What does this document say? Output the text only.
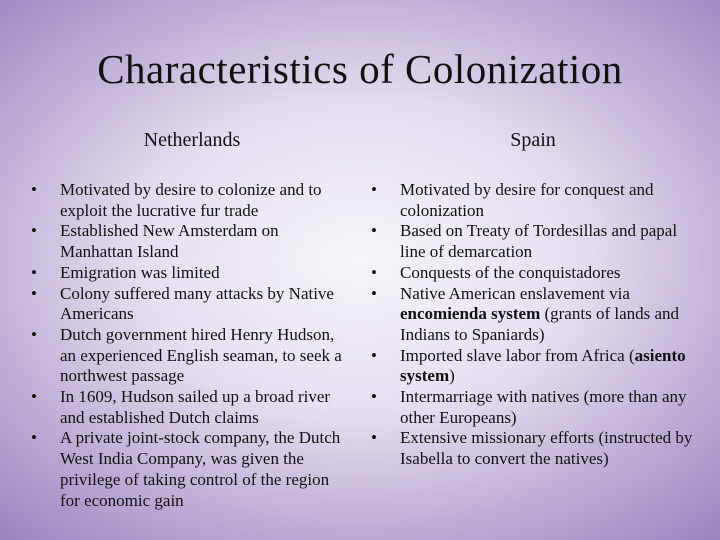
Characteristics of Colonization
Netherlands	Spain
• Motivated by desire to colonize and to exploit the lucrative fur trade
• Established New Amsterdam on Manhattan Island
• Emigration was limited
• Colony suffered many attacks by Native Americans
• Dutch government hired Henry Hudson, an experienced English seaman, to seek a northwest passage
• In 1609, Hudson sailed up a broad river and established Dutch claims
• A private joint-stock company, the Dutch West India Company, was given the privilege of taking control of the region for economic gain
• Motivated by desire for conquest and colonization
• Based on Treaty of Tordesillas and papal line of demarcation
• Conquests of the conquistadores
• Native American enslavement via encomienda system (grants of lands and Indians to Spaniards)
• Imported slave labor from Africa (asiento system)
• Intermarriage with natives (more than any other Europeans)
• Extensive missionary efforts (instructed by Isabella to convert the natives)
